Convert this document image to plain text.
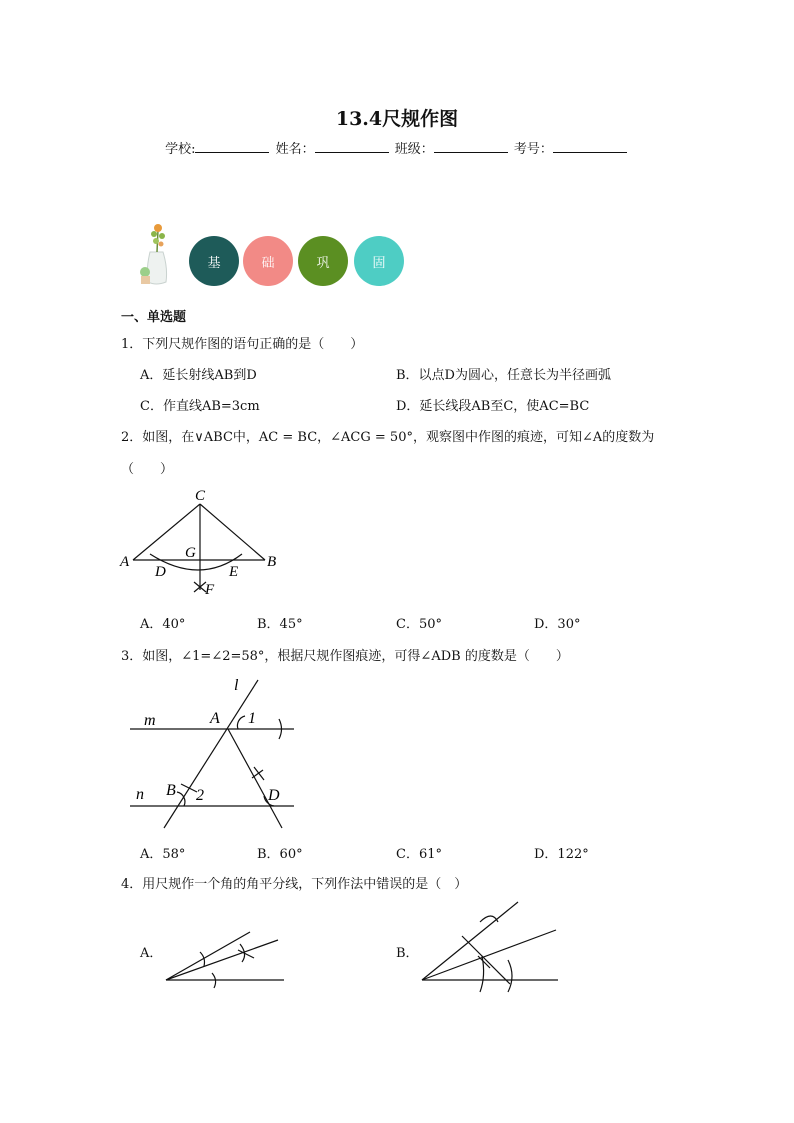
13.4尺规作图
学校:	姓名：	班级：	考号：
基	础	巩	固
一、单选题
1．下列尺规作图的语句正确的是（　　）
A．延长射线AB到D	B．以点D为圆心，任意长为半径画弧
C．作直线AB=3cm	D．延长线段AB至C，使AC=BC
2．如图，在∨ABC中，AC = BC，∠ACG = 50°，观察图中作图的痕迹，可知∠A的度数为
（　　）
C
A	B
G
D	E
F
A．40°	B．45°	C．50°	D．30°
3．如图，∠1=∠2=58°，根据尺规作图痕迹，可得∠ADB 的度数是（　　）
l
m
n
A 1
B 2	D
A．58°	B．60°	C．61°	D．122°
4．用尺规作一个角的角平分线，下列作法中错误的是（　）
A．	B．
